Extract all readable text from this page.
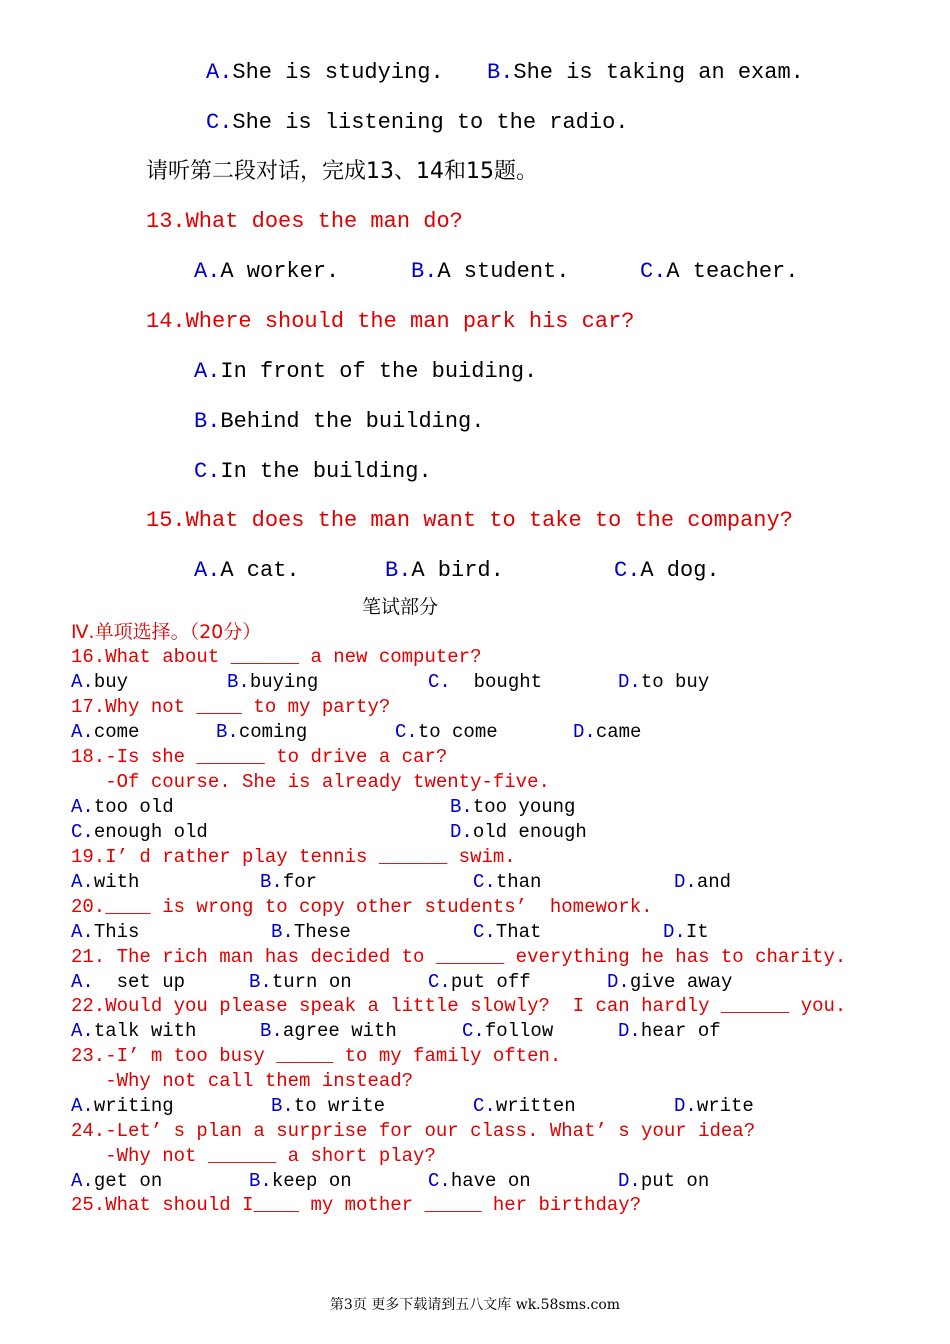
A.She is studying. B.She is taking an exam.
C.She is listening to the radio.
请听第二段对话，完成13、14和15题。
13.What does the man do?
A.A worker.	B.A student.	C.A teacher.
14.Where should the man park his car?
A.In front of the buiding.
B.Behind the building.
C.In the building.
15.What does the man want to take to the company?
A.A cat.	B.A bird.	C.A dog.
笔试部分
Ⅳ.单项选择。（20分）
16.What about ______ a new computer?
A.buy	B.buying	C.  bought	D.to buy
17.Why not ____ to my party?
A.come	B.coming	C.to come	D.came
18.-Is she ______ to drive a car?
-Of course. She is already twenty-five.
A.too old	B.too young
C.enough old	D.old enough
19.I’ d rather play tennis ______ swim.
A.with	B.for	C.than	D.and
20.____ is wrong to copy other students’  homework.
A.This	B.These	C.That	D.It
21. The rich man has decided to ______ everything he has to charity.
A.  set up	B.turn on	C.put off	D.give away
22.Would you please speak a little slowly?  I can hardly ______ you.
A.talk with	B.agree with	C.follow	D.hear of
23.-I’ m too busy _____ to my family often.
-Why not call them instead?
A.writing	B.to write	C.written	D.write
24.-Let’ s plan a surprise for our class. What’ s your idea?
-Why not ______ a short play?
A.get on	B.keep on	C.have on	D.put on
25.What should I____ my mother _____ her birthday?
第3页 更多下载请到五八文库 wk.58sms.com
